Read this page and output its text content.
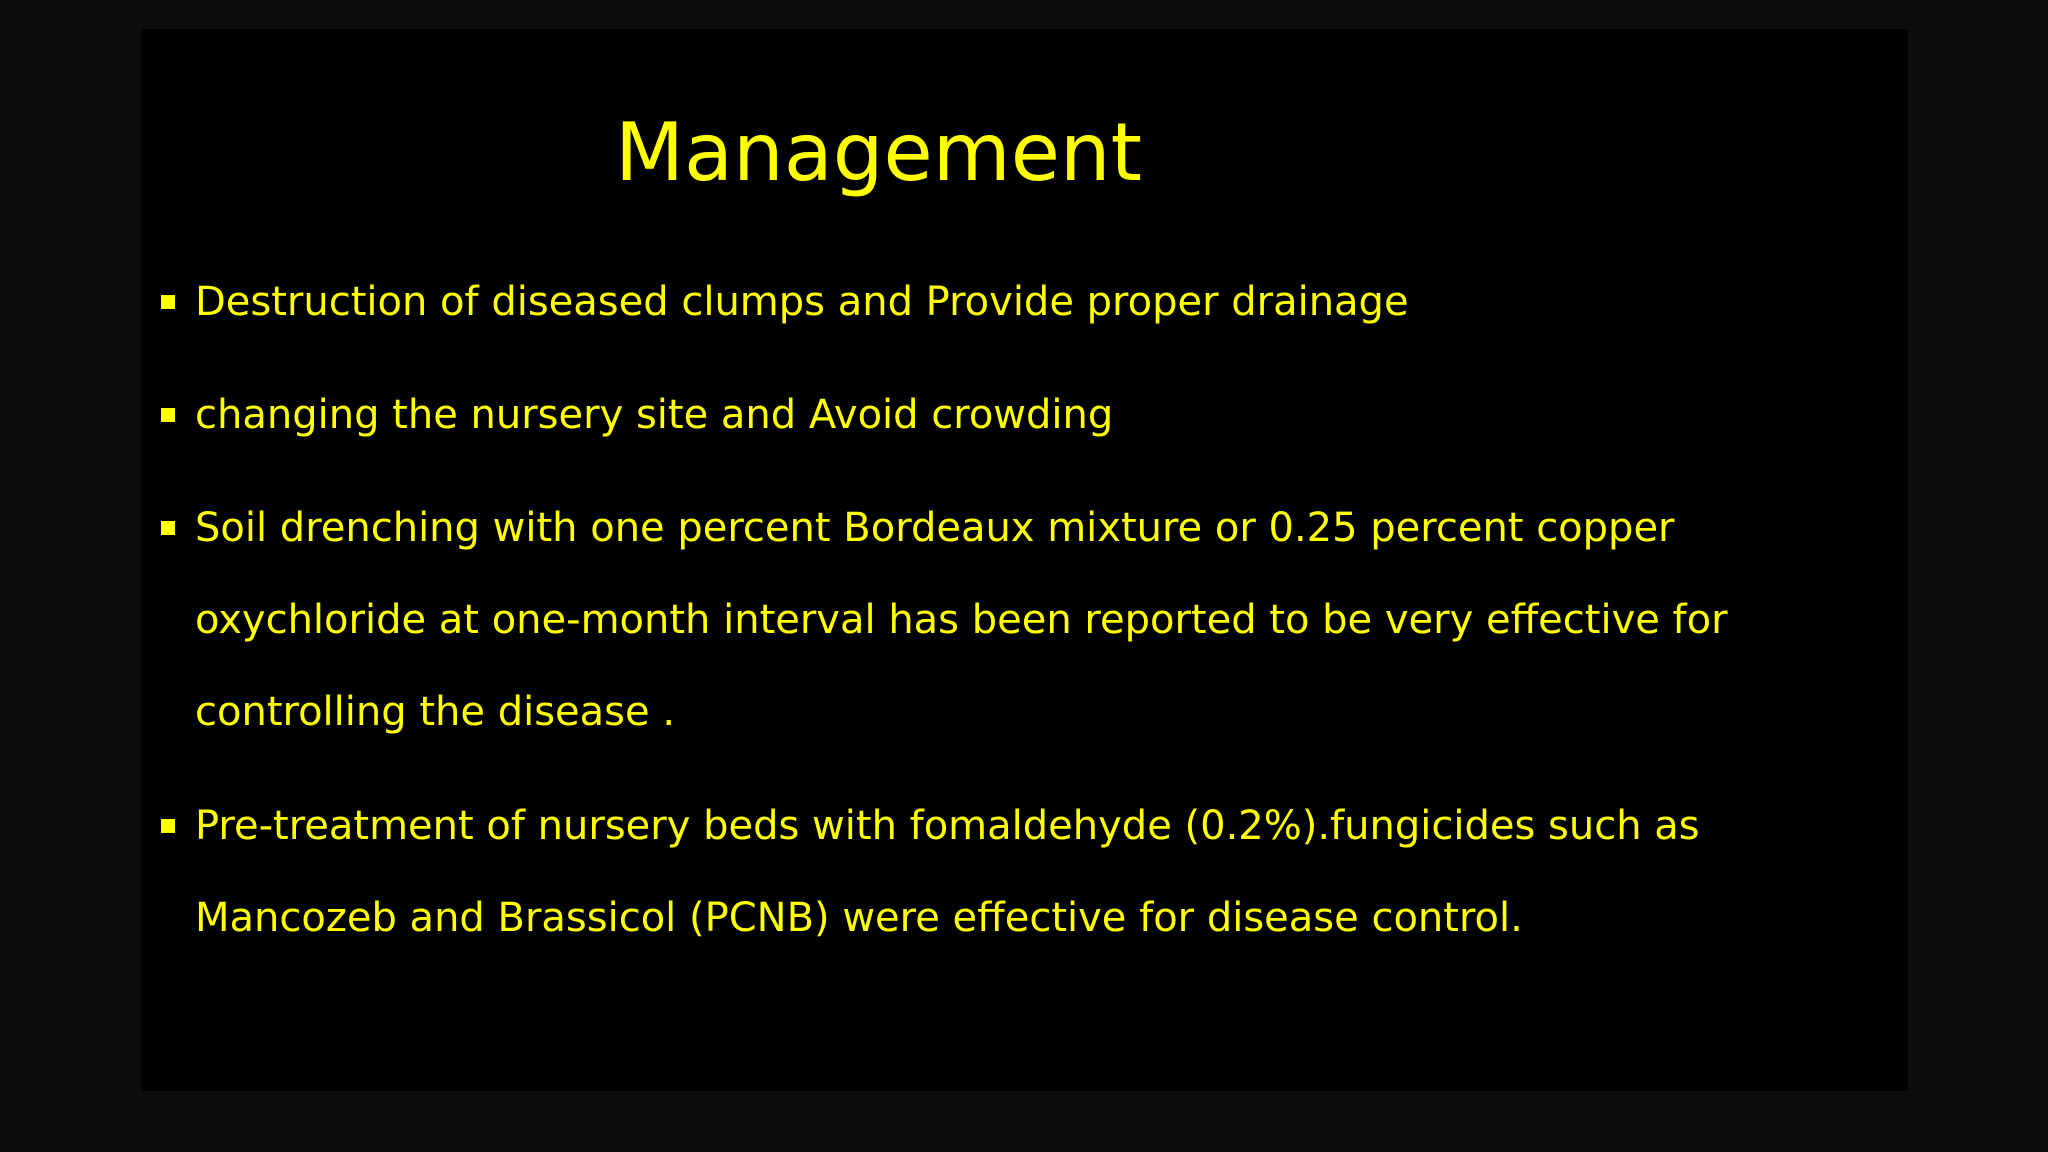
Management
Destruction of diseased clumps and Provide proper drainage
changing the nursery site and Avoid crowding
Soil drenching with one percent Bordeaux mixture or 0.25 percent copper
oxychloride at one-month interval has been reported to be very effective for
controlling the disease .
Pre-treatment of nursery beds with fomaldehyde (0.2%).fungicides such as
Mancozeb and Brassicol (PCNB) were effective for disease control.
